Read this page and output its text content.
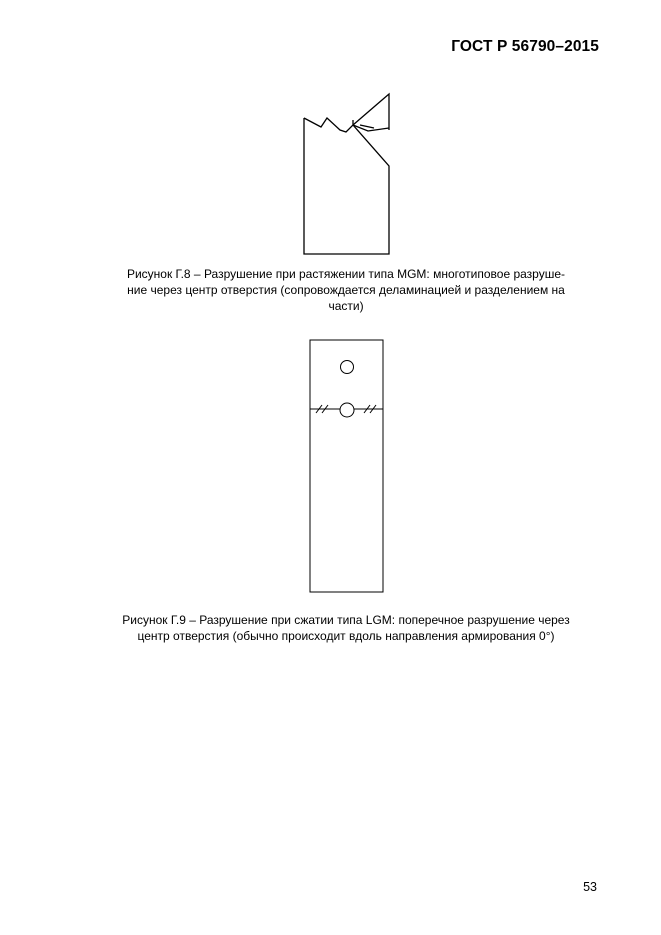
ГОСТ Р 56790–2015
Рисунок Г.8 – Разрушение при растяжении типа MGM: многотиповое разруше-
ние через центр отверстия (сопровождается деламинацией и разделением на
части)
Рисунок Г.9 – Разрушение при сжатии типа LGM: поперечное разрушение через
центр отверстия (обычно происходит вдоль направления армирования 0°)
53
